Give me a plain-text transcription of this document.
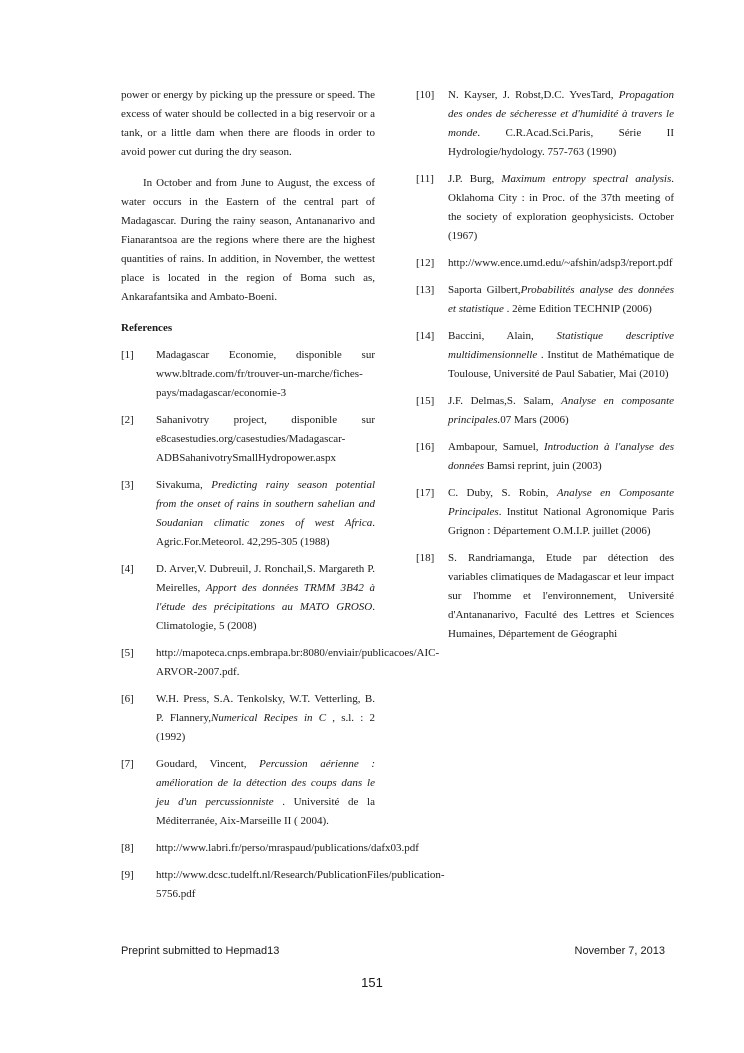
power or energy by picking up the pressure or speed. The excess of water should be collected in a big reservoir or a tank, or a little dam when there are floods in order to avoid power cut during the dry season.

In October and from June to August, the excess of water occurs in the Eastern of the central part of Madagascar. During the rainy season, Antananarivo and Fianarantsoa are the regions where there are the highest quantities of rains. In addition, in November, the wettest place is located in the region of Boma such as, Ankarafantsika and Ambato-Boeni.

References
[1] Madagascar Economie, disponible sur www.bltrade.com/fr/trouver-un-marche/fiches-pays/madagascar/economie-3
[2] Sahanivotry project, disponible sur e8casestudies.org/casestudies/Madagascar-ADBSahanivotrySmallHydropower.aspx
[3] Sivakuma, Predicting rainy season potential from the onset of rains in southern sahelian and Soudanian climatic zones of west Africa. Agric.For.Meteorol. 42,295-305 (1988)
[4] D. Arver,V. Dubreuil, J. Ronchail,S. Margareth P. Meirelles, Apport des données TRMM 3B42 à l'étude des précipitations au MATO GROSO. Climatologie, 5 (2008)
[5] http://mapoteca.cnps.embrapa.br:8080/enviair/publicacoes/AIC-ARVOR-2007.pdf.
[6] W.H. Press, S.A. Tenkolsky, W.T. Vetterling, B. P. Flannery,Numerical Recipes in C , s.l. : 2 (1992)
[7] Goudard, Vincent, Percussion aérienne : amélioration de la détection des coups dans le jeu d'un percussionniste . Université de la Méditerranée, Aix-Marseille II ( 2004).
[8] http://www.labri.fr/perso/mraspaud/publications/dafx03.pdf
[9] http://www.dcsc.tudelft.nl/Research/PublicationFiles/publication-5756.pdf
[10] N. Kayser, J. Robst,D.C. YvesTard, Propagation des ondes de sécheresse et d'humidité à travers le monde. C.R.Acad.Sci.Paris, Série II Hydrologie/hydology. 757-763 (1990)
[11] J.P. Burg, Maximum entropy spectral analysis. Oklahoma City : in Proc. of the 37th meeting of the society of exploration geophysicists. October (1967)
[12] http://www.ence.umd.edu/~afshin/adsp3/report.pdf
[13] Saporta Gilbert,Probabilités analyse des données et statistique . 2ème Edition TECHNIP (2006)
[14] Baccini, Alain, Statistique descriptive multidimensionnelle . Institut de Mathématique de Toulouse, Université de Paul Sabatier, Mai (2010)
[15] J.F. Delmas,S. Salam, Analyse en composante principales.07 Mars (2006)
[16] Ambapour, Samuel, Introduction à l'analyse des données Bamsi reprint, juin (2003)
[17] C. Duby, S. Robin, Analyse en Composante Principales. Institut National Agronomique Paris Grignon : Département O.M.I.P. juillet (2006)
[18] S. Randriamanga, Etude par détection des variables climatiques de Madagascar et leur impact sur l'homme et l'environnement, Université d'Antananarivo, Faculté des Lettres et Sciences Humaines, Département de Géographi
Preprint submitted to Hepmad13	November 7, 2013
151
